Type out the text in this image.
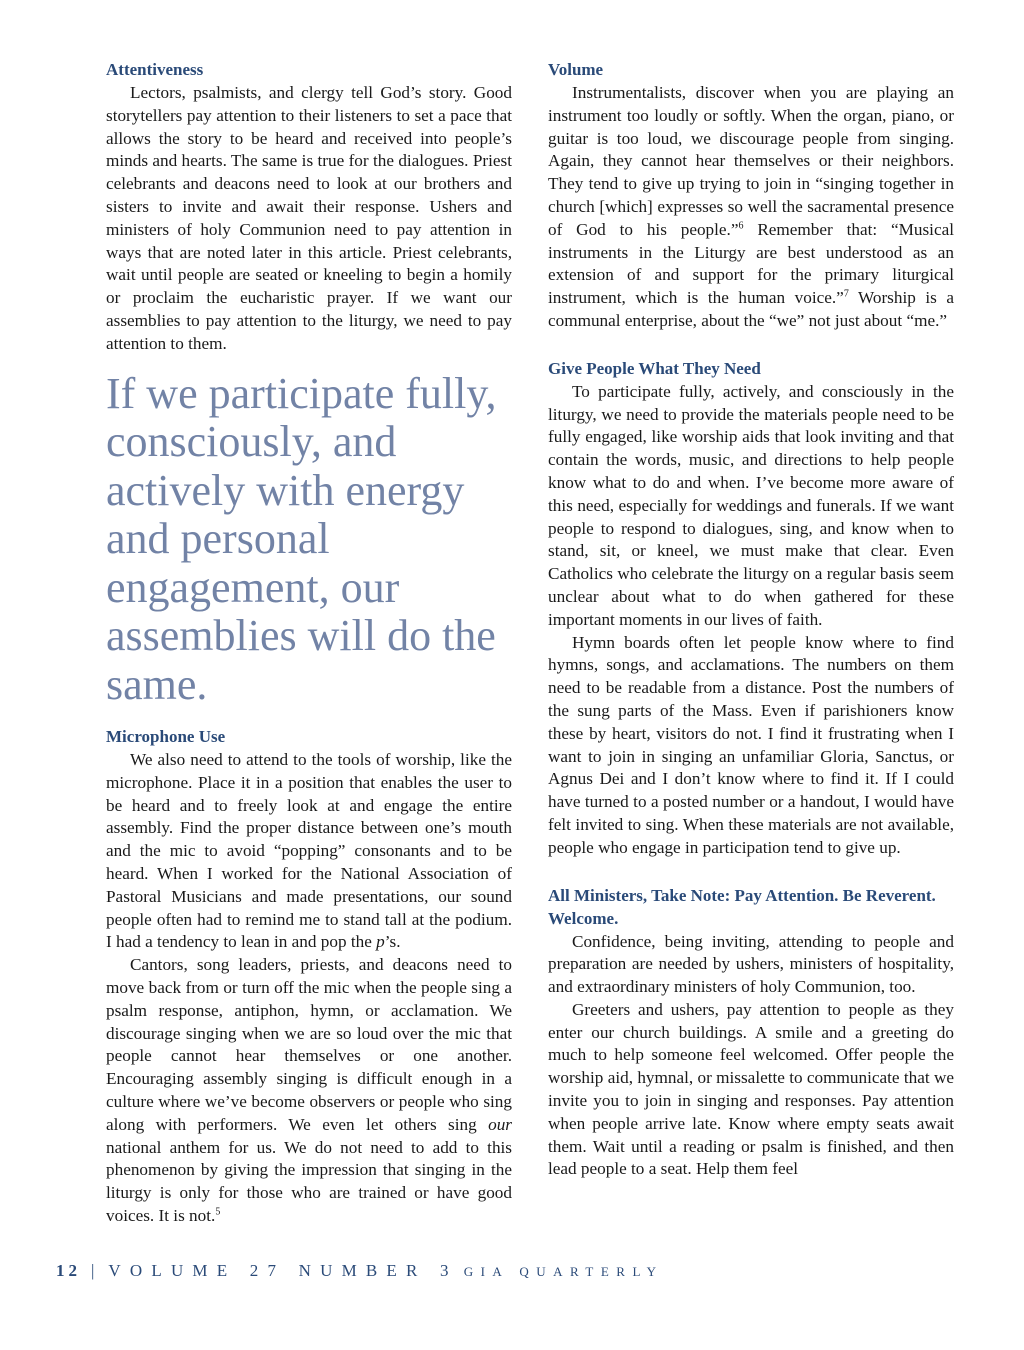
Attentiveness

Lectors, psalmists, and clergy tell God’s story. Good storytellers pay attention to their listeners to set a pace that allows the story to be heard and received into people’s minds and hearts. The same is true for the dialogues. Priest celebrants and deacons need to look at our brothers and sisters to invite and await their response. Ushers and ministers of holy Communion need to pay attention in ways that are noted later in this article. Priest celebrants, wait until people are seated or kneeling to begin a homily or proclaim the eucharistic prayer. If we want our assemblies to pay attention to the liturgy, we need to pay attention to them.

If we participate fully, consciously, and actively with energy and personal engagement, our assemblies will do the same.
Microphone Use

We also need to attend to the tools of worship, like the microphone. Place it in a position that enables the user to be heard and to freely look at and engage the entire assembly. Find the proper distance between one’s mouth and the mic to avoid “popping” consonants and to be heard. When I worked for the National Association of Pastoral Musicians and made presentations, our sound people often had to remind me to stand tall at the podium. I had a tendency to lean in and pop the p’s.

Cantors, song leaders, priests, and deacons need to move back from or turn off the mic when the people sing a psalm response, antiphon, hymn, or acclamation. We discourage singing when we are so loud over the mic that people cannot hear themselves or one another. Encouraging assembly singing is difficult enough in a culture where we’ve become observers or people who sing along with performers. We even let others sing our national anthem for us. We do not need to add to this phenomenon by giving the impression that singing in the liturgy is only for those who are trained or have good voices. It is not.$^5$

Volume

Instrumentalists, discover when you are playing an instrument too loudly or softly. When the organ, piano, or guitar is too loud, we discourage people from singing. Again, they cannot hear themselves or their neighbors. They tend to give up trying to join in “singing together in church [which] expresses so well the sacramental presence of God to his people.”$^6$ Remember that: “Musical instruments in the Liturgy are best understood as an extension of and support for the primary liturgical instrument, which is the human voice.”$^7$ Worship is a communal enterprise, about the “we” not just about “me.”

Give People What They Need

To participate fully, actively, and consciously in the liturgy, we need to provide the materials people need to be fully engaged, like worship aids that look inviting and that contain the words, music, and directions to help people know what to do and when. I’ve become more aware of this need, especially for weddings and funerals. If we want people to respond to dialogues, sing, and know when to stand, sit, or kneel, we must make that clear. Even Catholics who celebrate the liturgy on a regular basis seem unclear about what to do when gathered for these important moments in our lives of faith.

Hymn boards often let people know where to find hymns, songs, and acclamations. The numbers on them need to be readable from a distance. Post the numbers of the sung parts of the Mass. Even if parishioners know these by heart, visitors do not. I find it frustrating when I want to join in singing an unfamiliar Gloria, Sanctus, or Agnus Dei and I don’t know where to find it. If I could have turned to a posted number or a handout, I would have felt invited to sing. When these materials are not available, people who engage in participation tend to give up.

All Ministers, Take Note: Pay Attention. Be Reverent. Welcome.

Confidence, being inviting, attending to people and preparation are needed by ushers, ministers of hospitality, and extraordinary ministers of holy Communion, too.

Greeters and ushers, pay attention to people as they enter our church buildings. A smile and a greeting do much to help someone feel welcomed. Offer people the worship aid, hymnal, or missalette to communicate that we invite you to join in singing and responses. Pay attention when people arrive late. Know where empty seats await them. Wait until a reading or psalm is finished, and then lead people to a seat. Help them feel

12 | VOLUME 27 NUMBER 3 GIA QUARTERLY
